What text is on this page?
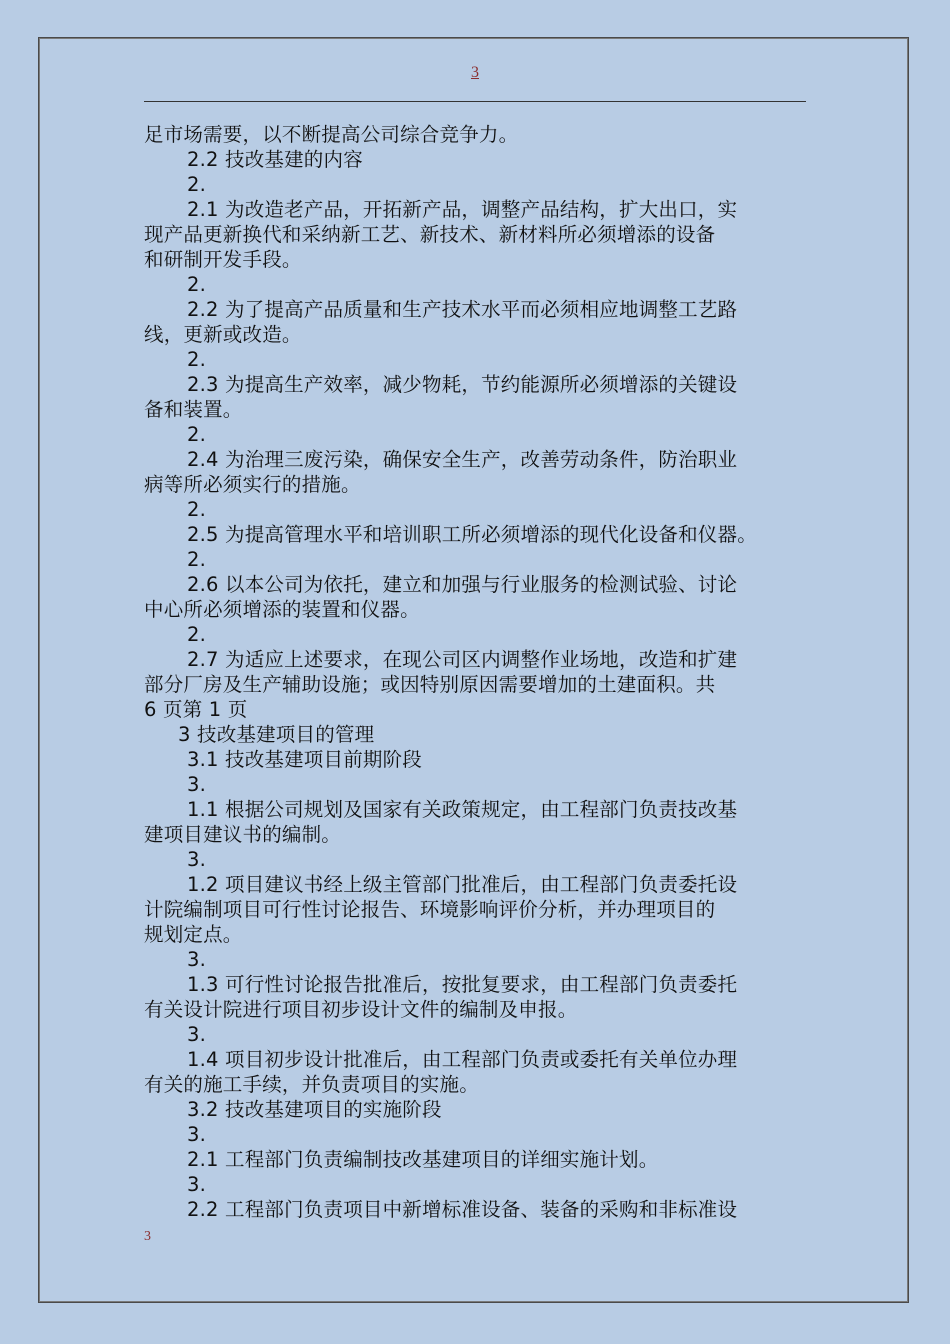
3
足市场需要，以不断提高公司综合竞争力。
2.2 技改基建的内容
2.
2.1 为改造老产品，开拓新产品，调整产品结构，扩大出口，实
现产品更新换代和采纳新工艺、新技术、新材料所必须增添的设备
和研制开发手段。
2.
2.2 为了提高产品质量和生产技术水平而必须相应地调整工艺路
线，更新或改造。
2.
2.3 为提高生产效率，减少物耗，节约能源所必须增添的关键设
备和装置。
2.
2.4 为治理三废污染，确保安全生产，改善劳动条件，防治职业
病等所必须实行的措施。
2.
2.5 为提高管理水平和培训职工所必须增添的现代化设备和仪器。
2.
2.6 以本公司为依托，建立和加强与行业服务的检测试验、讨论
中心所必须增添的装置和仪器。
2.
2.7 为适应上述要求，在现公司区内调整作业场地，改造和扩建
部分厂房及生产辅助设施；或因特别原因需要增加的土建面积。共
6 页第 1 页
3 技改基建项目的管理
3.1 技改基建项目前期阶段
3.
1.1 根据公司规划及国家有关政策规定，由工程部门负责技改基
建项目建议书的编制。
3.
1.2 项目建议书经上级主管部门批准后，由工程部门负责委托设
计院编制项目可行性讨论报告、环境影响评价分析，并办理项目的
规划定点。
3.
1.3 可行性讨论报告批准后，按批复要求，由工程部门负责委托
有关设计院进行项目初步设计文件的编制及申报。
3.
1.4 项目初步设计批准后，由工程部门负责或委托有关单位办理
有关的施工手续，并负责项目的实施。
3.2 技改基建项目的实施阶段
3.
2.1 工程部门负责编制技改基建项目的详细实施计划。
3.
2.2 工程部门负责项目中新增标准设备、装备的采购和非标准设
3
